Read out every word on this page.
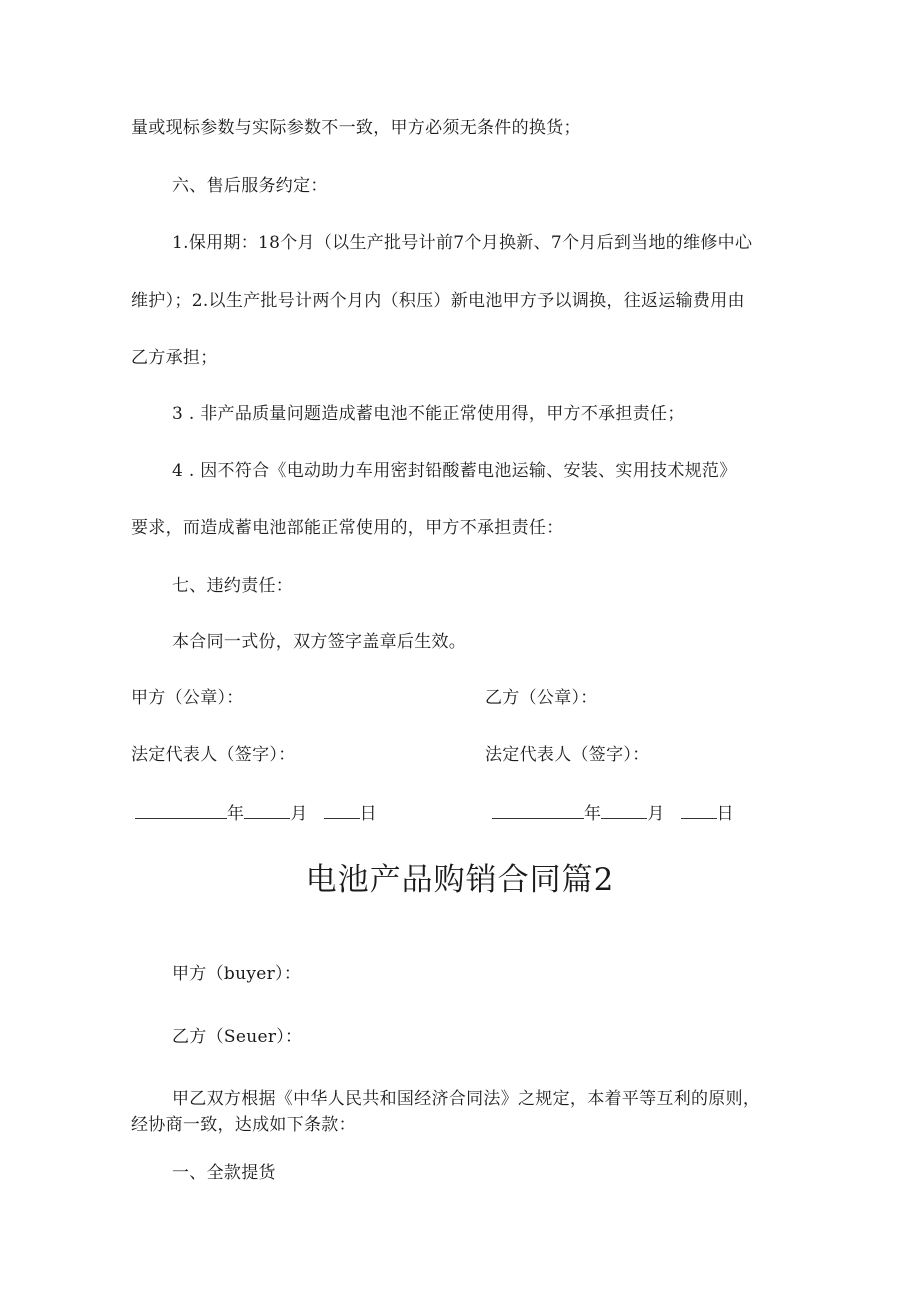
量或现标参数与实际参数不一致，甲方必须无条件的换货；
六、售后服务约定：
1.保用期：18个月（以生产批号计前7个月换新、7个月后到当地的维修中心
维护）；2.以生产批号计两个月内（积压）新电池甲方予以调换，往返运输费用由
乙方承担；
3 . 非产品质量问题造成蓄电池不能正常使用得，甲方不承担责任；
4 . 因不符合《电动助力车用密封铅酸蓄电池运输、安装、实用技术规范》
要求，而造成蓄电池部能正常使用的，甲方不承担责任：
七、违约责任：
本合同一式份，双方签字盖章后生效。
甲方（公章）：	乙方（公章）：
法定代表人（签字）：	法定代表人（签字）：
年	月	日	年	月	日
电池产品购销合同篇2
甲方（buyer）：
乙方（Seuer）：
甲乙双方根据《中华人民共和国经济合同法》之规定，本着平等互利的原则，
经协商一致，达成如下条款：
一、全款提货
